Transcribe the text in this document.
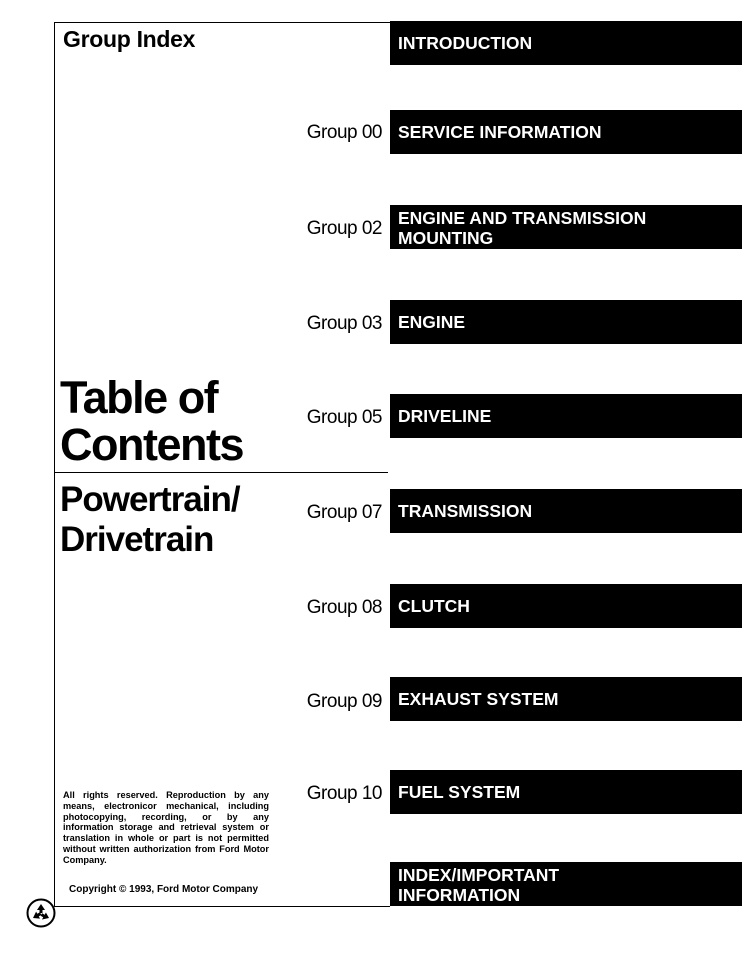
Group Index
Table of
Contents
Powertrain/
Drivetrain
INTRODUCTION
Group 00 SERVICE INFORMATION
Group 02 ENGINE AND TRANSMISSION
MOUNTING
Group 03 ENGINE
Group 05 DRIVELINE
Group 07 TRANSMISSION
Group 08 CLUTCH
Group 09 EXHAUST SYSTEM
Group 10 FUEL SYSTEM
INDEX/IMPORTANT
INFORMATION
All rights reserved. Reproduction by any means, electronicor mechanical, including photocopying, recording, or by any information storage and retrieval system or translation in whole or part is not permitted without written authorization from Ford Motor Company.
Copyright © 1993, Ford Motor Company
